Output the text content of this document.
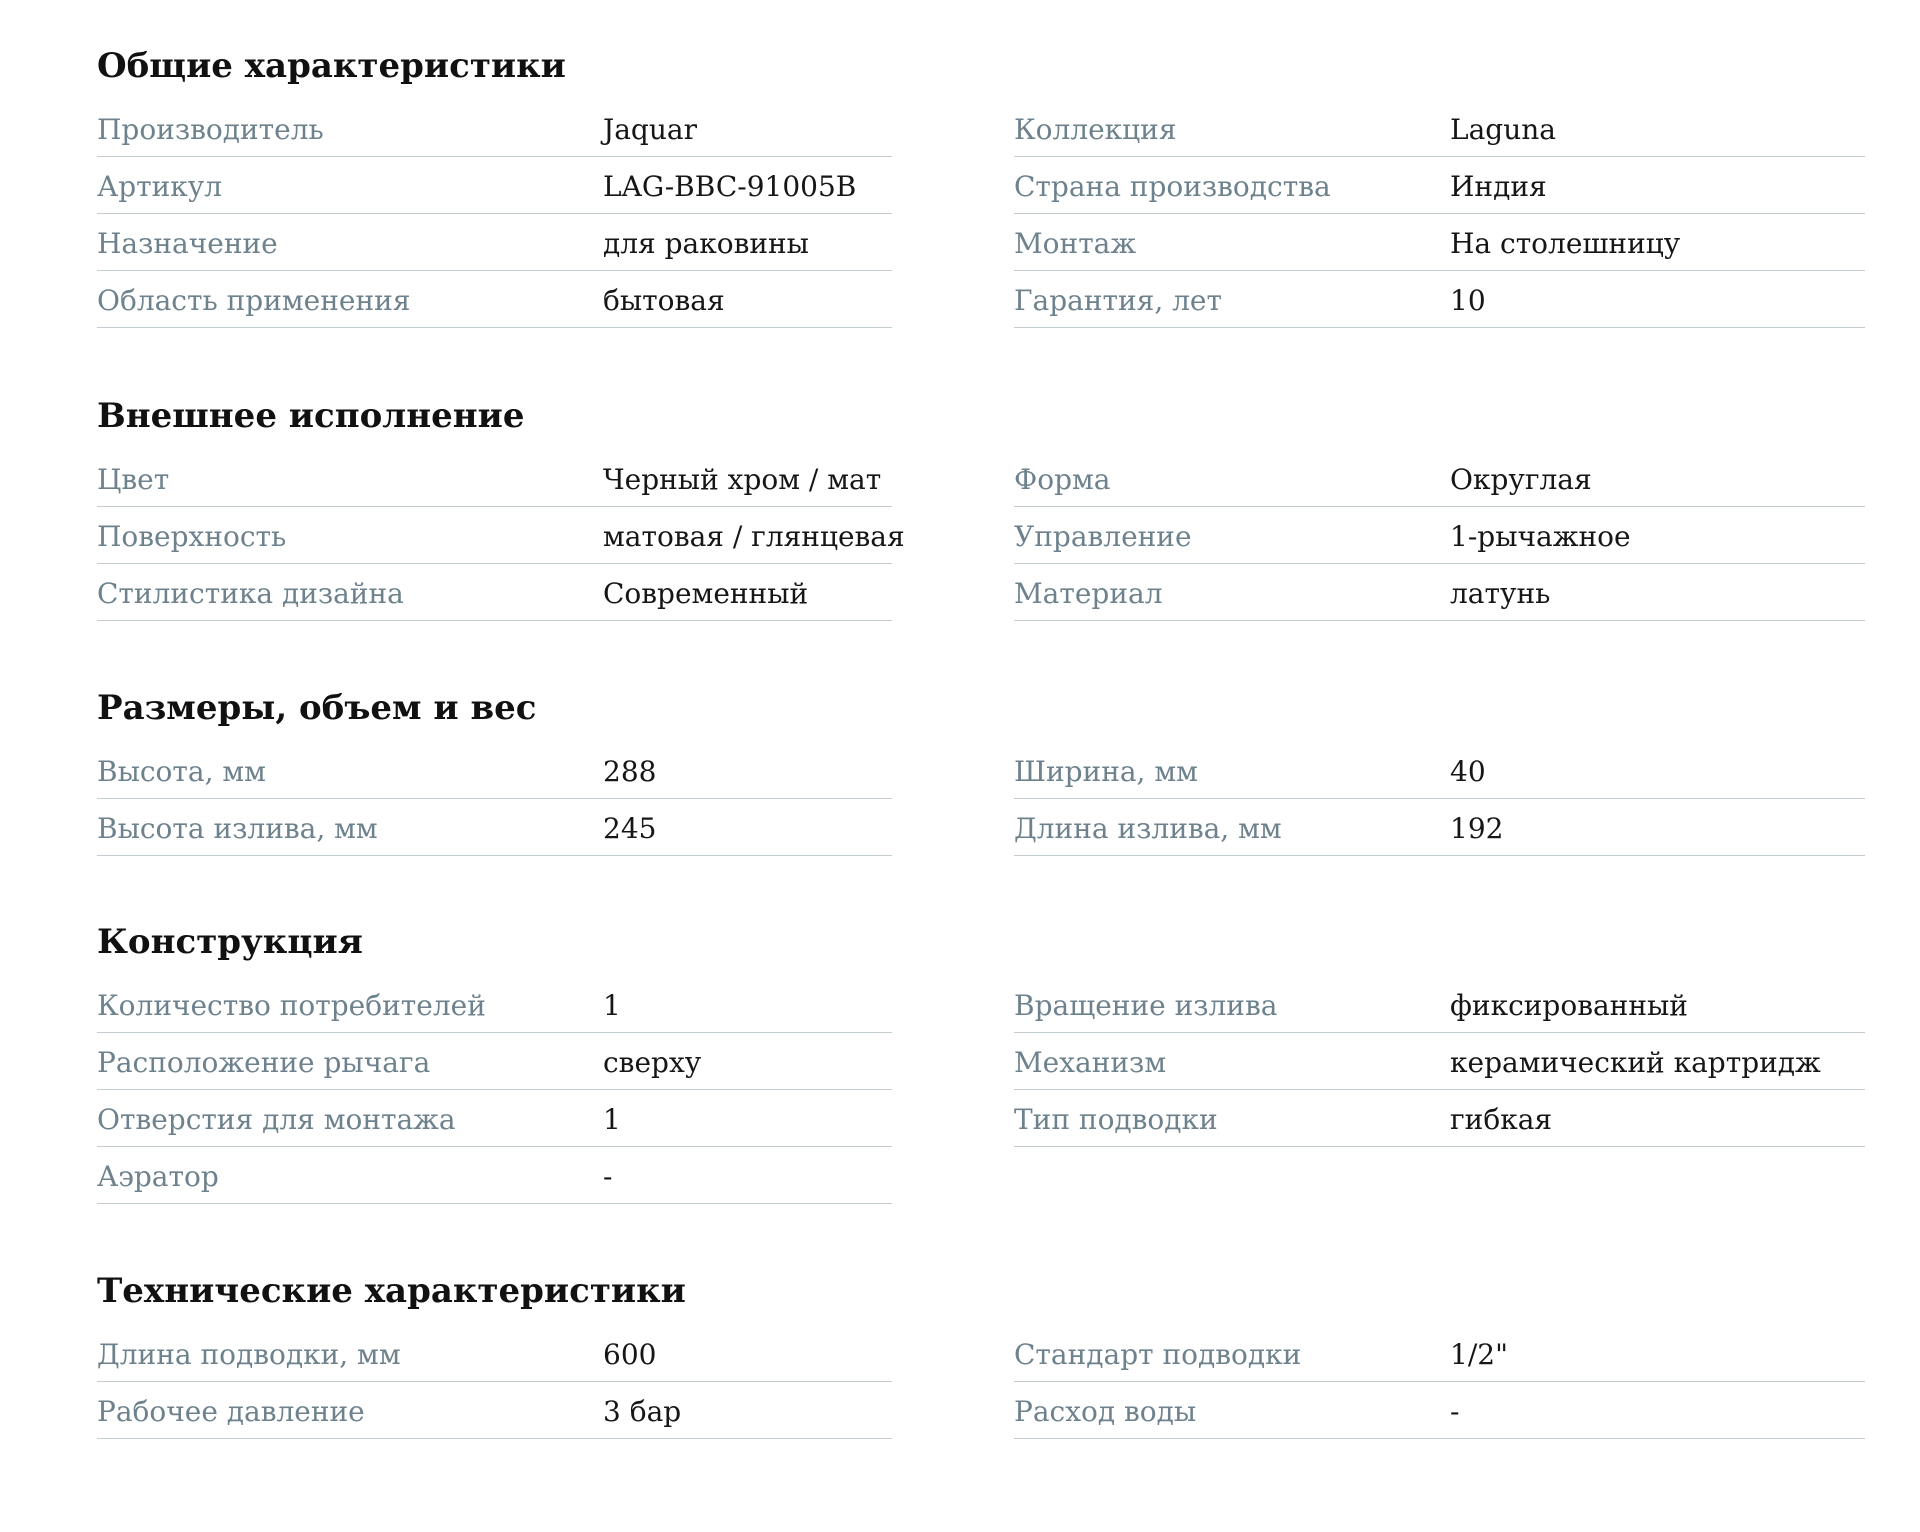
Общие характеристики
Производитель	Jaquar
Артикул	LAG-BBC-91005B
Назначение	для раковины
Область применения	бытовая
Коллекция	Laguna
Страна производства	Индия
Монтаж	На столешницу
Гарантия, лет	10
Внешнее исполнение
Цвет	Черный хром / мат
Поверхность	матовая / глянцевая
Стилистика дизайна	Современный
Форма	Округлая
Управление	1-рычажное
Материал	латунь
Размеры, объем и вес
Высота, мм	288
Высота излива, мм	245
Ширина, мм	40
Длина излива, мм	192
Конструкция
Количество потребителей	1
Расположение рычага	сверху
Отверстия для монтажа	1
Аэратор	-
Вращение излива	фиксированный
Механизм	керамический картридж
Тип подводки	гибкая
Технические характеристики
Длина подводки, мм	600
Рабочее давление	3 бар
Стандарт подводки	1/2"
Расход воды	-
